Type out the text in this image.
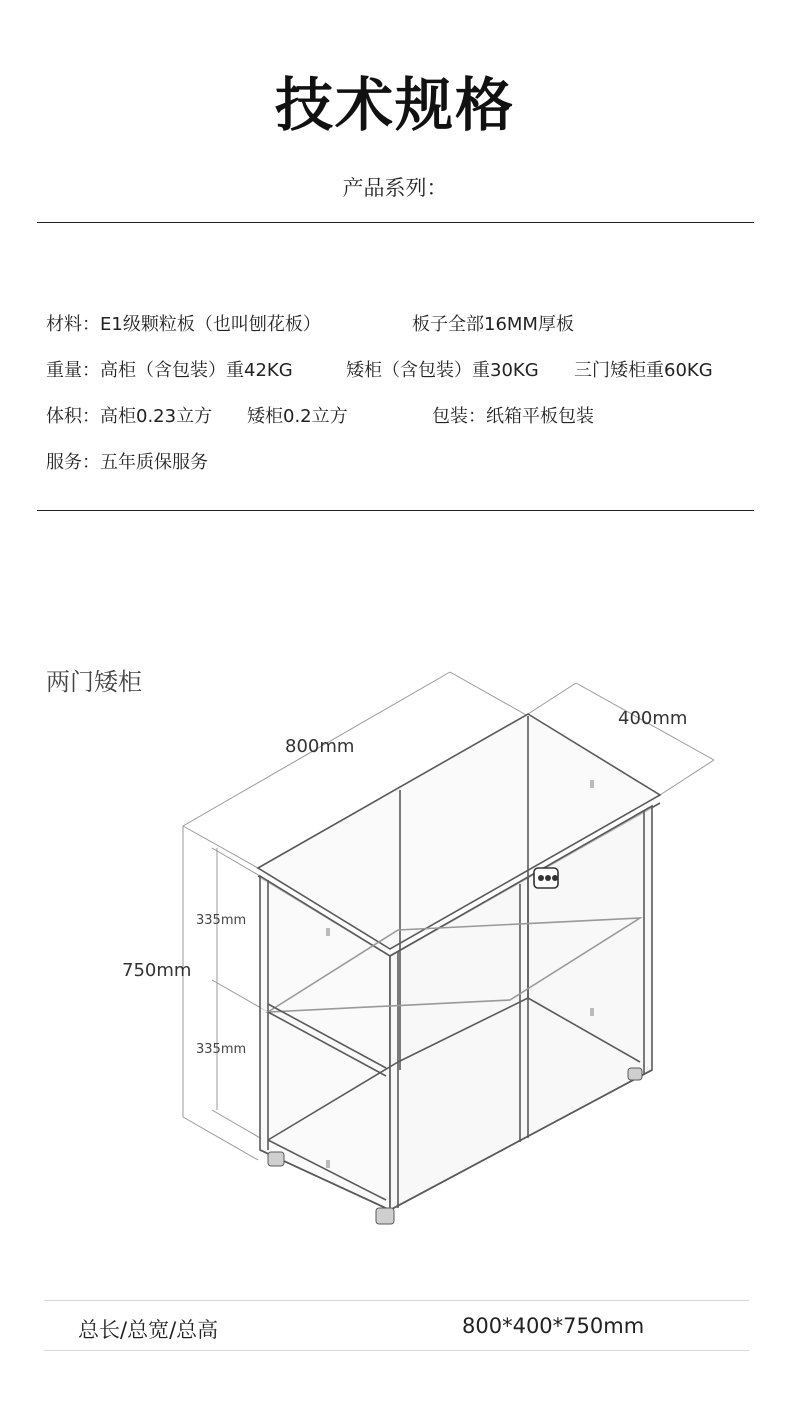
技术规格
产品系列：
材料：E1级颗粒板（也叫刨花板）	板子全部16MM厚板
重量：高柜（含包装）重42KG	矮柜（含包装）重30KG 三门矮柜重60KG
体积：高柜0.23立方 矮柜0.2立方	包装：纸箱平板包装
服务：五年质保服务
两门矮柜
800mm
400mm
750mm
335mm
335mm
总长/总宽/总高	800*400*750mm
